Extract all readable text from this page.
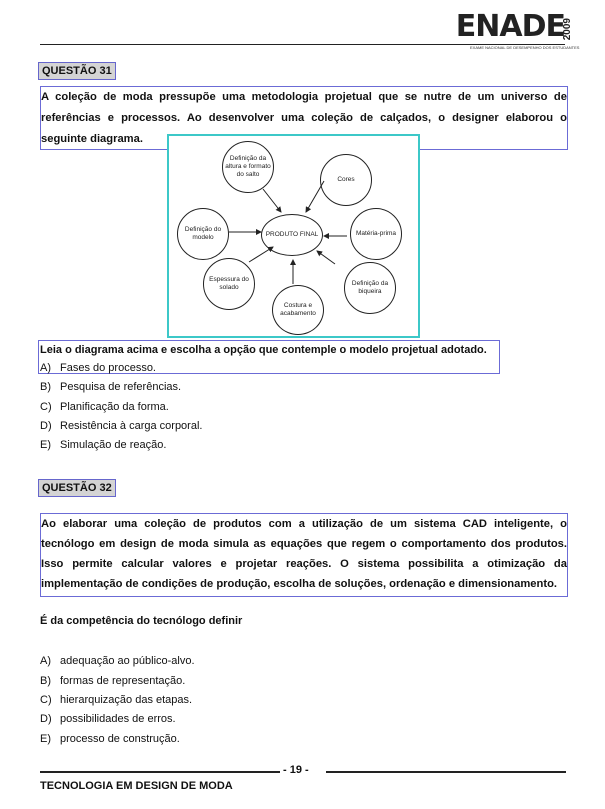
ENADE
2009
EXAME NACIONAL DE DESEMPENHO DOS ESTUDANTES
QUESTÃO 31
A coleção de moda pressupõe uma metodologia projetual que se nutre de um universo de referências e processos. Ao desenvolver uma coleção de calçados, o designer elaborou o seguinte diagrama.
PRODUTO FINAL
Definição da altura e formato do salto
Cores
Matéria-prima
Definição da biqueira
Costura e acabamento
Espessura do solado
Definição do modelo
Leia o diagrama acima e escolha a opção que contemple o modelo projetual adotado.
A) Fases do processo.
B) Pesquisa de referências.
C) Planificação da forma.
D) Resistência à carga corporal.
E) Simulação de reação.
QUESTÃO 32
Ao elaborar uma coleção de produtos com a utilização de um sistema CAD inteligente, o tecnólogo em design de moda simula as equações que regem o comportamento dos produtos. Isso permite calcular valores e projetar reações. O sistema possibilita a otimização da implementação de condições de produção, escolha de soluções, ordenação e dimensionamento.
É da competência do tecnólogo definir
A) adequação ao público-alvo.
B) formas de representação.
C) hierarquização das etapas.
D) possibilidades de erros.
E) processo de construção.
- 19 -
TECNOLOGIA EM DESIGN DE MODA
